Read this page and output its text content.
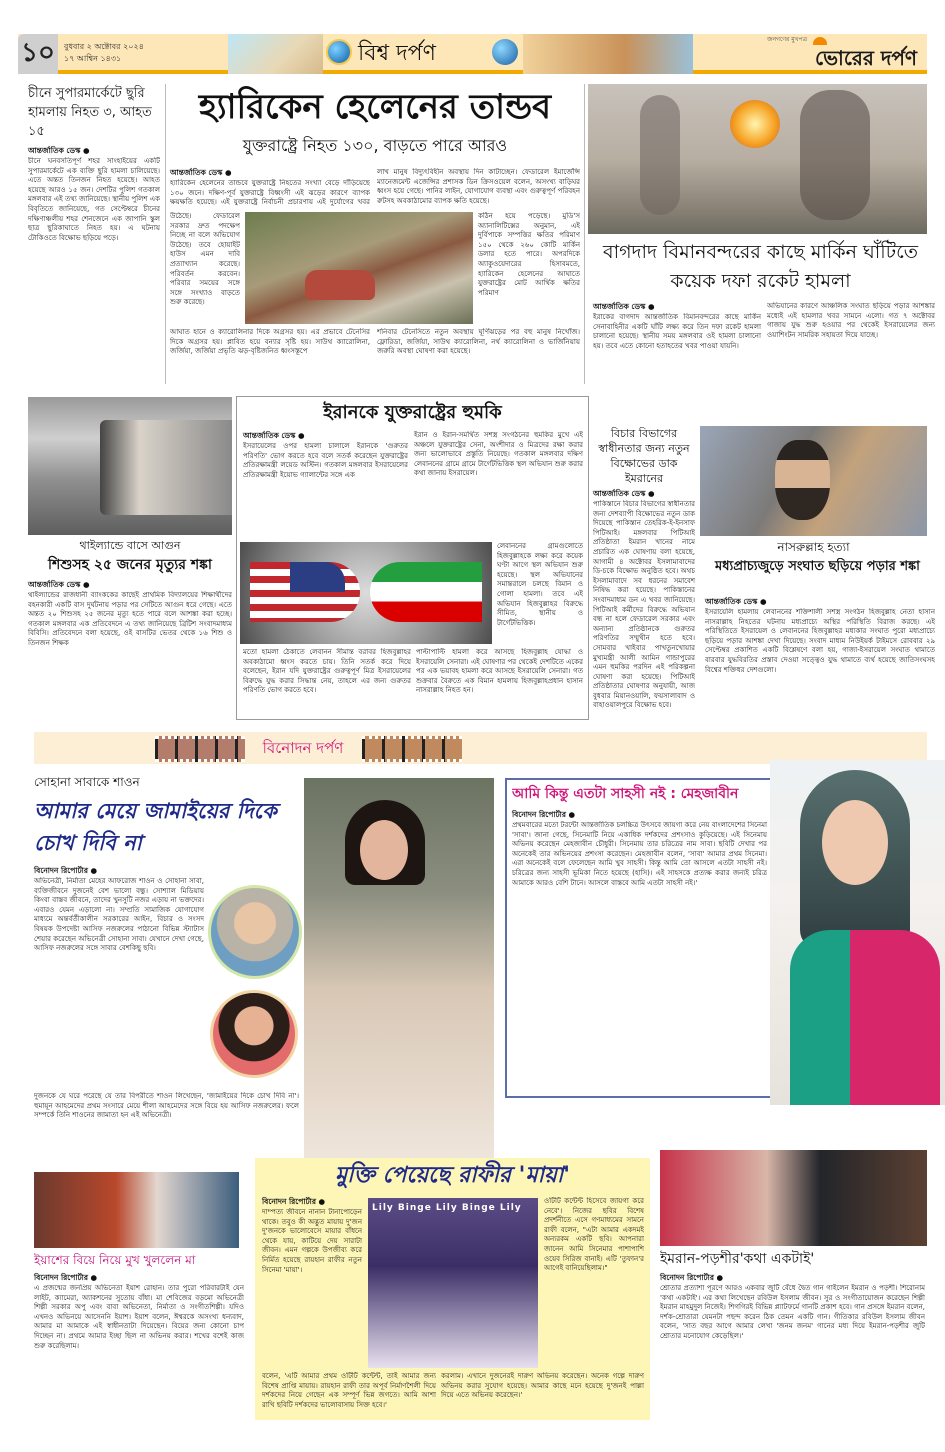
১০	বুধবার ২ অক্টোবর ২০২৪
১৭ আশ্বিন ১৪৩১	বিশ্ব দর্পণ
জনগণের মুখপত্র
ভোরের দর্পণ
চীনে সুপারমার্কেটে ছুরি হামলায় নিহত ৩, আহত ১৫
আন্তর্জাতিক ডেস্ক ●
চীনে ঘনবসতিপূর্ণ শহর সাংহাইয়ের একটি সুপারমার্কেটে এক ব্যক্তি ছুরি হামলা চালিয়েছে। এতে অন্তত তিনজন নিহত হয়েছে। আহত হয়েছে আরও ১৫ জন। দেশটির পুলিশ গতকাল মঙ্গলবার এই তথ্য জানিয়েছে। স্থানীয় পুলিশ এক বিবৃতিতে জানিয়েছে, গত সেপ্টেম্বরে চীনের দক্ষিণাঞ্চলীয় শহর শেনজেনে এক জাপানি স্কুল ছাত্র ছুরিকাঘাতে নিহত হয়। এ ঘটনায় টোকিওতে বিক্ষোভ ছড়িয়ে পড়ে।
হ্যারিকেন হেলেনের তান্ডব
যুক্তরাষ্ট্রে নিহত ১৩০, বাড়তে পারে আরও
আন্তর্জাতিক ডেস্ক ●
হ্যারিকেন হেলেনের তান্ডবে যুক্তরাষ্ট্রে নিহতের সংখ্যা বেড়ে দাঁড়িয়েছে ১৩০ জনে। দক্ষিণ-পূর্ব যুক্তরাষ্ট্রে বিধ্বংসী এই ঝড়ের কারণে ব্যাপক ক্ষয়ক্ষতি হয়েছে। এই যুক্তরাষ্ট্রে নির্বাচনী প্রচারণায় এই দুর্যোগের খবর
লাখ মানুষ বিদ্যুৎবিহীন অবস্থায় দিন কাটাচ্ছেন। ফেডারেল ইমার্জেন্সি ম্যানেজমেন্ট এজেন্সির প্রশাসক ডিন ক্রিসওয়েল বলেন, অসংখ্য বাড়িঘর ধ্বংস হয়ে গেছে। পানির লাইন, যোগাযোগ ব্যবস্থা এবং গুরুত্বপূর্ণ পরিবহন রুটসহ অবকাঠামোর ব্যাপক ক্ষতি হয়েছে।
উঠেছে। ফেডারেল সরকার দ্রুত পদক্ষেপ নিচ্ছে না বলে অভিযোগ উঠেছে। তবে হোয়াইট হাউস এমন দাবি প্রত্যাখ্যান করেছে। পরিবর্তন করবেন। পরিবার সময়ের সঙ্গে সঙ্গে সংখ্যাও বাড়তে শুরু করেছে।
কঠিন হয়ে পড়েছে। মুডি'স অ্যানালিটিক্সের অনুমান, এই দুর্বিপাকে সম্পত্তির ক্ষতির পরিমাণ ১৫০ থেকে ২৬০ কোটি মার্কিন ডলার হতে পারে। অপরদিকে অ্যাকুওয়েদারের হিসাবমতে, হ্যারিকেন হেলেনের আঘাতে যুক্তরাষ্ট্রের মোট আর্থিক ক্ষতির পরিমাণ
আঘাত হানে ও ক্যারোলিনার দিকে অগ্রসর হয়। এর প্রভাবে টেনেসির দিকে অগ্রসর হয়। প্লাবিত হয়ে বন্যার সৃষ্টি হয়। সাউথ ক্যারোলিনা, জর্জিয়া, জর্জিয়া প্রভৃতি ঝড়-বৃষ্টিজনিত ধ্বংসস্তূপে
শনিবার টেনেসিতে নতুন অবস্থায় ঘূর্ণিঝড়ের পর বহু মানুষ নিখোঁজ। ফ্লোরিডা, জর্জিয়া, সাউথ ক্যারোলিনা, নর্থ ক্যারোলিনা ও ভার্জিনিয়ায় জরুরি অবস্থা ঘোষণা করা হয়েছে।
বাগদাদ বিমানবন্দরের কাছে মার্কিন ঘাঁটিতে কয়েক দফা রকেট হামলা
আন্তর্জাতিক ডেস্ক ●
ইরাকের বাগদাদ আন্তর্জাতিক বিমানবন্দরের কাছে মার্কিন সেনাবাহিনীর একটি ঘাঁটি লক্ষ্য করে তিন দফা রকেট হামলা চালানো হয়েছে। স্থানীয় সময় মঙ্গলবার ওই হামলা চালানো হয়। তবে এতে কোনো হতাহতের খবর পাওয়া যায়নি।
অভিযানের কারণে আঞ্চলিক সংঘাত ছড়িয়ে পড়ার আশঙ্কার মধ্যেই এই হামলার খবর সামনে এলো। গত ৭ অক্টোবর গাজায় যুদ্ধ শুরু হওয়ার পর থেকেই ইসরায়েলের জন্য ওয়াশিংটন সামরিক সহায়তা দিয়ে যাচ্ছে।
থাইল্যান্ডে বাসে আগুন
শিশুসহ ২৫ জনের মৃত্যুর শঙ্কা
আন্তর্জাতিক ডেস্ক ●
থাইল্যান্ডের রাজধানী ব্যাংককের কাছেই প্রাথমিক বিদ্যালয়ের শিক্ষার্থীদের বহনকারী একটি বাস দুর্ঘটনায় পড়ার পর সেটিতে আগুন ধরে গেছে। এতে অন্তত ২০ শিশুসহ ২৫ জনের মৃত্যু হতে পারে বলে আশঙ্কা করা হচ্ছে। গতকাল মঙ্গলবার এক প্রতিবেদনে এ তথ্য জানিয়েছে ব্রিটিশ সংবাদমাধ্যম বিবিসি। প্রতিবেদনে বলা হয়েছে, ওই বাসটির ভেতর থেকে ১৬ শিশু ও তিনজন শিক্ষক
ইরানকে যুক্তরাষ্ট্রের হুমকি
আন্তর্জাতিক ডেস্ক ●
ইসরায়েলের ওপর হামলা চালালে ইরানকে 'গুরুতর পরিণতি' ভোগ করতে হবে বলে সতর্ক করেছেন যুক্তরাষ্ট্রের প্রতিরক্ষামন্ত্রী লয়েড অস্টিন। গতকাল মঙ্গলবার ইসরায়েলের প্রতিরক্ষামন্ত্রী ইয়োভ গ্যালান্টের সঙ্গে এক
ইরান ও ইরান-সমর্থিত সশস্ত্র সংগঠনের হুমকির মুখে এই অঞ্চলে যুক্তরাষ্ট্রের সেনা, অংশীদার ও মিত্রদের রক্ষা করার জন্য ভালোভাবে প্রস্তুতি নিয়েছে। গতকাল মঙ্গলবার দক্ষিণ লেবাননের গ্রামে গ্রামে টার্গেটভিত্তিক স্থল অভিযান শুরু করার কথা জানায় ইসরায়েল।
লেবাননের গ্রামগুলোতে হিজবুল্লাহকে লক্ষ্য করে কয়েক ঘণ্টা আগে স্থল অভিযান শুরু হয়েছে। স্থল অভিযানের সমান্তরালে চলছে বিমান ও গোলা হামলা। তবে এই অভিযান হিজবুল্লাহর বিরুদ্ধে সীমিত, স্থানীয় ও টার্গেটভিত্তিক।
মতো হামলা ঠেকাতে লেবানন সীমান্ত বরাবর হিজবুল্লাহর অবকাঠামো ধ্বংস করতে চায়। তিনি সতর্ক করে দিয়ে বলেছেন, ইরান যদি যুক্তরাষ্ট্রের গুরুত্বপূর্ণ মিত্র ইসরায়েলের বিরুদ্ধে যুদ্ধ করার সিদ্ধান্ত নেয়, তাহলে এর জন্য গুরুতর পরিণতি ভোগ করতে হবে।
পাল্টাপাল্টি হামলা করে আসছে হিজবুল্লাহ যোদ্ধা ও ইসরায়েলি সেনারা। এই ঘোষণার পর থেকেই দেশটিতে একের পর এক ভয়াবহ হামলা করে আসছে ইসরায়েলি সেনারা। গত শুক্রবার বৈরুতে এক বিমান হামলায় হিজবুল্লাহপ্রধান হাসান নাসরাল্লাহ নিহত হন।
বিচার বিভাগের স্বাধীনতার জন্য নতুন বিক্ষোভের ডাক ইমরানের
আন্তর্জাতিক ডেস্ক ●
পাকিস্তানে বিচার বিভাগের স্বাধীনতার জন্য দেশব্যাপী বিক্ষোভের নতুন ডাক দিয়েছে পাকিস্তান তেহরিক-ই-ইনসাফ পিটিআই। মঙ্গলবার পিটিআই প্রতিষ্ঠাতা ইমরান খানের নামে প্রচারিত এক ঘোষণায় বলা হয়েছে, আগামী ৪ অক্টোবর ইসলামাবাদের ডি-চকে বিক্ষোভ অনুষ্ঠিত হবে। অথচ ইসলামাবাদে সব ধরনের সমাবেশ নিষিদ্ধ করা হয়েছে। পাকিস্তানের সংবাদমাধ্যম ডন এ খবর জানিয়েছে। পিটিআই কর্মীদের বিরুদ্ধে অভিযান বন্ধ না হলে ফেডারেল সরকার এবং অন্যান্য প্রতিষ্ঠানকে গুরুতর পরিণতির সম্মুখীন হতে হবে। সোমবার খাইবার পাখতুনখোয়ার মুখ্যমন্ত্রী আলী আমিন গান্ডাপুরের এমন হুমকির পরদিন এই পরিকল্পনা ঘোষণা করা হয়েছে। পিটিআই প্রতিষ্ঠাতার ঘোষণার অনুযায়ী, আজ বুধবার মিয়ানওয়ালি, ফয়সালাবাদ ও বাহাওয়ালপুরে বিক্ষোভ হবে।
নাসরুল্লাহ হত্যা
মধ্যপ্রাচ্যজুড়ে সংঘাত ছড়িয়ে পড়ার শঙ্কা
আন্তর্জাতিক ডেস্ক ●
ইসরায়েলি হামলায় লেবাননের শক্তিশালী সশস্ত্র সংগঠন হিজবুল্লাহ নেতা হাসান নাসরাল্লাহ নিহতের ঘটনায় মধ্যপ্রাচ্যে অস্থির পরিস্থিতি বিরাজ করছে। এই পরিস্থিতিতে ইসরায়েল ও লেবাননের হিজবুল্লাহর মধ্যকার সংঘাত পুরো মধ্যপ্রাচ্যে ছড়িয়ে পড়ার আশঙ্কা দেখা দিয়েছে। সংবাদ মাধ্যম নিউইয়র্ক টাইমসে রোববার ২৯ সেপ্টেম্বর প্রকাশিত একটি বিশ্লেষণে বলা হয়, গাজা-ইসরায়েল সংঘাত থামাতে বারবার যুদ্ধবিরতির প্রস্তাব দেওয়া সত্ত্বেও যুদ্ধ থামাতে ব্যর্থ হয়েছে জাতিসংঘসহ বিশ্বের শক্তিধর দেশগুলো।
বিনোদন দর্পণ
সোহানা সাবাকে শাওন
আমার মেয়ে জামাইয়ের দিকে চোখ দিবি না
বিনোদন রিপোর্টার ●
অভিনেত্রী, নির্মাতা মেহের আফরোজ শাওন ও সোহানা সাবা, ব্যক্তিজীবনে দুজনেই বেশ ভালো বন্ধু। সোশ্যাল মিডিয়ায় কিংবা বাস্তব জীবনে, তাদের খুনসুটি নজর এড়ায় না ভক্তদের। এবারও যেমন এড়ালো না। সম্প্রতি সামাজিক যোগাযোগ মাধ্যমে অন্তর্বর্তীকালীন সরকারের আইন, বিচার ও সংসদ বিষয়ক উপদেষ্টা আসিফ নজরুলের পাঠানো বিভিন্ন স্ট্যাটাস শেয়ার করেছেন অভিনেত্রী সোহানা সাবা। যেখানে দেখা গেছে, আসিফ নজরুলের সঙ্গে সাবার বেশকিছু ছবি।
দুজনকে যে ঘরে পরেছে যে তার বিপরীতে শাওন লিখেছেন, 'জামাইয়ের দিকে চোখ দিবি না'। হুমায়ূন আহমেদের প্রথম সংসারে মেয়ে শীলা আহমেদের সঙ্গে বিয়ে হয় আসিফ নজরুলের। ফলে সম্পর্কে তিনি শাওনের জামাতা হন এই অভিনেত্রী।
আমি কিন্তু এতটা সাহসী নই : মেহজাবীন
বিনোদন রিপোর্টার ●
প্রথমবারের মতো টরন্টো আন্তর্জাতিক চলচ্চিত্র উৎসবে জায়গা করে নেয় বাংলাদেশের সিনেমা 'সাবা'। জানা গেছে, সিনেমাটি নিয়ে একাধিক দর্শকদের প্রশংসাও কুড়িয়েছে। এই সিনেমায় অভিনয় করেছেন মেহজাবীন চৌধুরী। সিনেমায় তার চরিত্রের নাম সাবা। ছবিটি দেখার পর অনেকেই তার অভিনয়ের প্রশংসা করেছেন। মেহজাবীন বলেন, 'সাবা' আমার প্রথম সিনেমা। এরা অনেকেই বলে ফেলেছেন আমি খুব সাহসী। কিন্তু আমি তো আসলে এতটা সাহসী নই। চরিত্রের জন্য সাহসী ভূমিকা নিতে হয়েছে (হাসি)। এই সাহসকে প্রত্যক্ষ করার জন্যই চরিত্র আমাকে আরও বেশি টানে। আসলে বাস্তবে আমি এতটা সাহসী নই।'
ইয়াশের বিয়ে নিয়ে মুখ খুললেন মা
বিনোদন রিপোর্টার ●
এ প্রজন্মের জনপ্রিয় অভিনেতা ইয়াশ রোহান। তার পুরো পরিবারটাই যেন লাইট, ক্যামেরা, অ্যাকশনের সুতোয় বাঁধা। মা শেবিজের বড়মো অভিনেত্রী শিল্পী সরকার অপু এবং বাবা অভিনেতা, নির্মাতা ও সংগীতশিল্পী। যদিও এখনও অভিনয়ে আসেননি ইয়াশ। ইয়াশ বলেন, ঈশ্বরকে অসংখ্য ধন্যবাদ, আমার মা আমাকে এই স্বাধীনতাটা দিয়েছেন। বিয়ের জন্য কোনো চাপ দিচ্ছেন না। প্রথমে আমার ইচ্ছা ছিল না অভিনয় করার। শখের বশেই কাজ শুরু করেছিলাম।
মুক্তি পেয়েছে রাফীর 'মায়া'
বিনোদন রিপোর্টার ●
দাম্পত্য জীবনে নানান টানাপোড়েন থাকে। তবুও কী অদ্ভুত মায়ায় দু'জন দু'জনকে ভালোবেসে মায়ার বাঁধনে থেকে যায়, কাটিয়ে দেয় সারাটা জীবন। এমন গল্পকে উপজীব্য করে নির্মিত হয়েছে রায়হান রাফীর নতুন সিনেমা 'মায়া'।
Lily Binge Lily Binge Lily
ওটিটি কন্টেন্ট হিসেবে জায়গা করে নেবে'। নিজের ছবির বিশেষ প্রদর্শনীতে এসে গণমাধ্যমের সামনে রাফী বলেন, "এটা আমার একদমই অন্যরকম একটি ছবি। আপনারা জানেন আমি সিনেমার পাশাপাশি ওয়েব সিরিজ বানাই। এটি 'তুফান'র আগেই বানিয়েছিলাম।"
বলেন, 'এটি আমার প্রথম ওটিটি কন্টেন্ট, তাই আমার জন্য বিশেষ প্রাপ্তি মায়ায়। রায়হান রাফী তার অপূর্ব নির্মাণশৈলী দিয়ে দর্শকদের নিয়ে গেছেন এক সম্পূর্ণ ভিন্ন জগতে। আমি আশা রাখি ছবিটি দর্শকদের ভালোবাসায় সিক্ত হবে।'
করলাম। এখানে দুজনেরই দারুণ অভিনয় করেছেন। অনেক গল্পে দারুণ অভিনয় করার সুযোগ হয়েছে। আমার কাছে মনে হয়েছে দু'জনই পাল্লা দিয়ে এতে অভিনয় করেছেন।'
ইমরান-পড়শীর'কথা একটাই'
বিনোদন রিপোর্টার ●
শ্রোতার প্রত্যাশা পূরণে আরও একবার জুটি বেঁধে দ্বৈত গান গাইলেন ইমরান ও পড়শী। শিরোনাম 'কথা একটাই'। এর কথা লিখেছেন রবিউল ইসলাম জীবন। সুর ও সংগীতায়োজন করেছেন শিল্পী ইমরান মাহমুদুল নিজেই। শিগগিরই বিভিন্ন প্ল্যাটফর্মে গানটি প্রকাশ হবে। গান প্রসঙ্গে ইমরান বলেন, দর্শক-শ্রোতারা যেমনটা পছন্দ করেন ঠিক তেমন একটি গান। গীতিকার রবিউল ইসলাম জীবন বলেন, 'সাত বছর আগে আমার লেখা 'জনম জনম' গানের মধ্য দিয়ে ইমরান-পড়শীর জুটি শ্রোতার মনোযোগ কেড়েছিল।'
